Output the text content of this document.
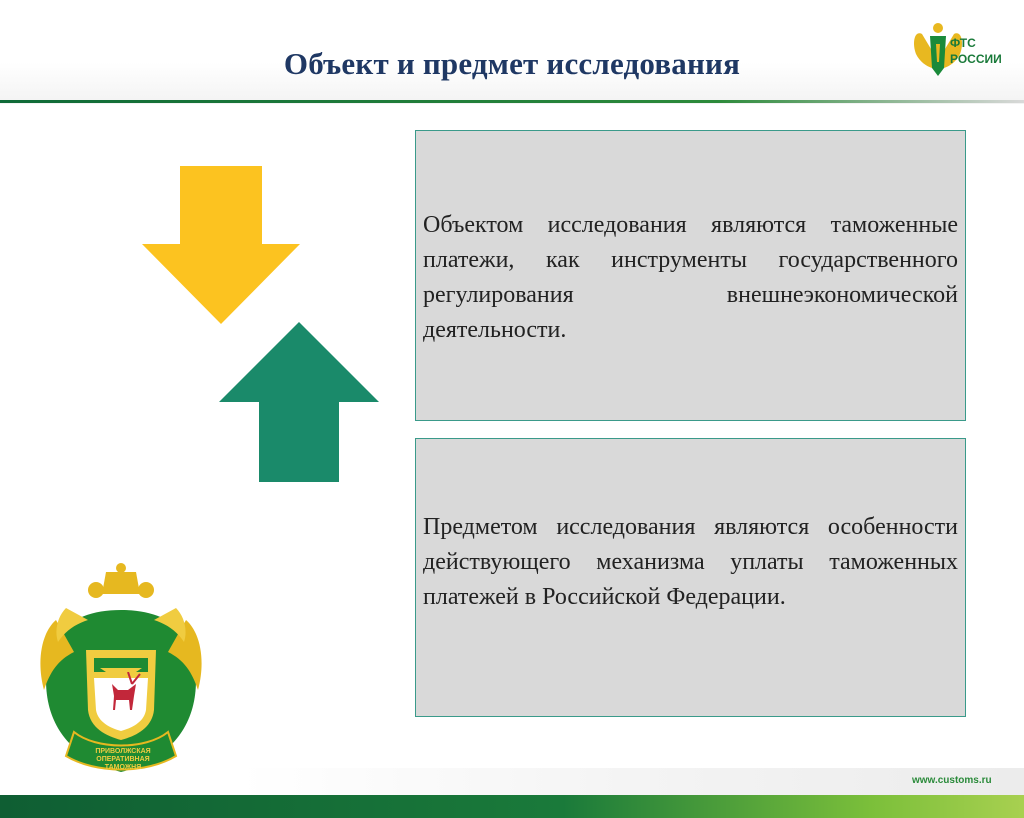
Объект и предмет исследования
ФТС
РОССИИ
Объектом исследования являются таможенные платежи, как инструменты государственного регулирования внешнеэкономической деятельности.
Предметом исследования являются особенности действующего механизма уплаты таможенных платежей в Российской Федерации.
ПРИВОЛЖСКАЯ ОПЕРАТИВНАЯ ТАМОЖНЯ
www.customs.ru
